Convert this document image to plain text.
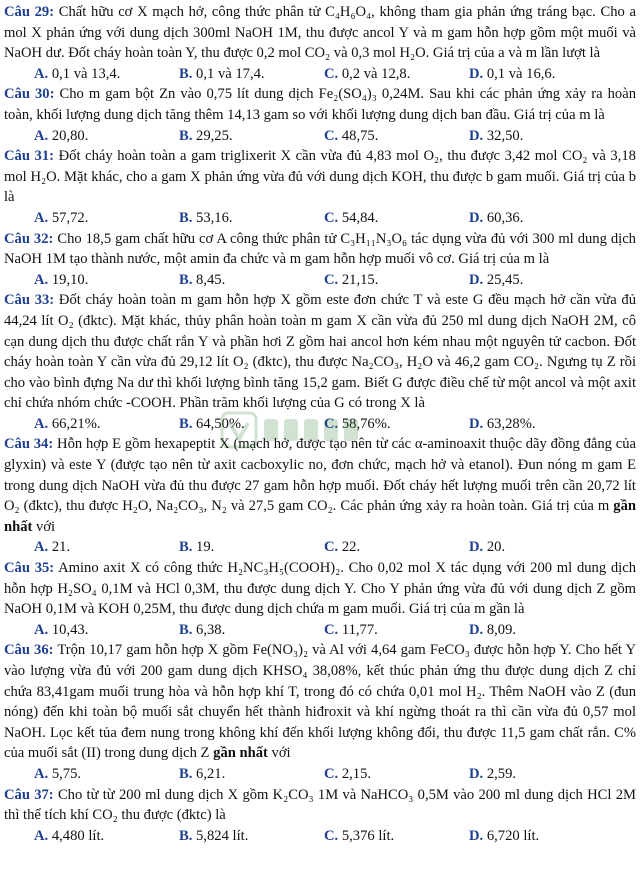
Câu 29: Chất hữu cơ X mạch hở, công thức phân tử C₄H₆O₄, không tham gia phản ứng tráng bạc. Cho a mol X phản ứng với dung dịch 300ml NaOH 1M, thu được ancol Y và m gam hỗn hợp gồm một muối và NaOH dư. Đốt cháy hoàn toàn Y, thu được 0,2 mol CO₂ và 0,3 mol H₂O. Giá trị của a và m lần lượt là

A. 0,1 và 13,4.	B. 0,1 và 17,4.	C. 0,2 và 12,8.	D. 0,1 và 16,6.

Câu 30: Cho m gam bột Zn vào 0,75 lít dung dịch Fe₂(SO₄)₃ 0,24M. Sau khi các phản ứng xảy ra hoàn toàn, khối lượng dung dịch tăng thêm 14,13 gam so với khối lượng dung dịch ban đầu. Giá trị của m là

A. 20,80.	B. 29,25.	C. 48,75.	D. 32,50.

Câu 31: Đốt cháy hoàn toàn a gam triglixerit X cần vừa đủ 4,83 mol O₂, thu được 3,42 mol CO₂ và 3,18 mol H₂O. Mặt khác, cho a gam X phản ứng vừa đủ với dung dịch KOH, thu được b gam muối. Giá trị của b là

A. 57,72.	B. 53,16.	C. 54,84.	D. 60,36.

Câu 32: Cho 18,5 gam chất hữu cơ A công thức phân tử C₃H₁₁N₃O₆ tác dụng vừa đủ với 300 ml dung dịch NaOH 1M tạo thành nước, một amin đa chức và m gam hỗn hợp muối vô cơ. Giá trị của m là

A. 19,10.	B. 8,45.	C. 21,15.	D. 25,45.

Câu 33: Đốt cháy hoàn toàn m gam hỗn hợp X gồm este đơn chức T và este G đều mạch hở cần vừa đủ 44,24 lít O₂ (đktc). Mặt khác, thủy phân hoàn toàn m gam X cần vừa đủ 250 ml dung dịch NaOH 2M, cô cạn dung dịch thu được chất rắn Y và phần hơi Z gồm hai ancol hơn kém nhau một nguyên tử cacbon. Đốt cháy hoàn toàn Y cần vừa đủ 29,12 lít O₂ (đktc), thu được Na₂CO₃, H₂O và 46,2 gam CO₂. Ngưng tụ Z rồi cho vào bình đựng Na dư thì khối lượng bình tăng 15,2 gam. Biết G được điều chế từ một ancol và một axit chỉ chứa nhóm chức -COOH. Phần trăm khối lượng của G có trong X là

A. 66,21%.	B. 64,50%.	C. 58,76%.	D. 63,28%.

Câu 34: Hỗn hợp E gồm hexapeptit X (mạch hở, được tạo nên từ các α-aminoaxit thuộc dãy đồng đẳng của glyxin) và este Y (được tạo nên từ axit cacboxylic no, đơn chức, mạch hở và etanol). Đun nóng m gam E trong dung dịch NaOH vừa đủ thu được 27 gam hỗn hợp muối. Đốt cháy hết lượng muối trên cần 20,72 lít O₂ (đktc), thu được H₂O, Na₂CO₃, N₂ và 27,5 gam CO₂. Các phản ứng xảy ra hoàn toàn. Giá trị của m gần nhất với

A. 21.	B. 19.	C. 22.	D. 20.

Câu 35: Amino axit X có công thức H₂NC₃H₅(COOH)₂. Cho 0,02 mol X tác dụng với 200 ml dung dịch hỗn hợp H₂SO₄ 0,1M và HCl 0,3M, thu được dung dịch Y. Cho Y phản ứng vừa đủ với dung dịch Z gồm NaOH 0,1M và KOH 0,25M, thu được dung dịch chứa m gam muối. Giá trị của m gần là

A. 10,43.	B. 6,38.	C. 11,77.	D. 8,09.

Câu 36: Trộn 10,17 gam hỗn hợp X gồm Fe(NO₃)₂ và Al với 4,64 gam FeCO₃ được hỗn hợp Y. Cho hết Y vào lượng vừa đủ với 200 gam dung dịch KHSO₄ 38,08%, kết thúc phản ứng thu được dung dịch Z chỉ chứa 83,41gam muối trung hòa và hỗn hợp khí T, trong đó có chứa 0,01 mol H₂. Thêm NaOH vào Z (đun nóng) đến khi toàn bộ muối sắt chuyển hết thành hiđroxit và khí ngừng thoát ra thì cần vừa đủ 0,57 mol NaOH. Lọc kết tủa đem nung trong không khí đến khối lượng không đổi, thu được 11,5 gam chất rắn. C% của muối sắt (II) trong dung dịch Z gần nhất với

A. 5,75.	B. 6,21.	C. 2,15.	D. 2,59.

Câu 37: Cho từ từ 200 ml dung dịch X gồm K₂CO₃ 1M và NaHCO₃ 0,5M vào 200 ml dung dịch HCl 2M thì thể tích khí CO₂ thu được (đktc) là

A. 4,480 lít.	B. 5,824 lít.	C. 5,376 lít.	D. 6,720 lít.
